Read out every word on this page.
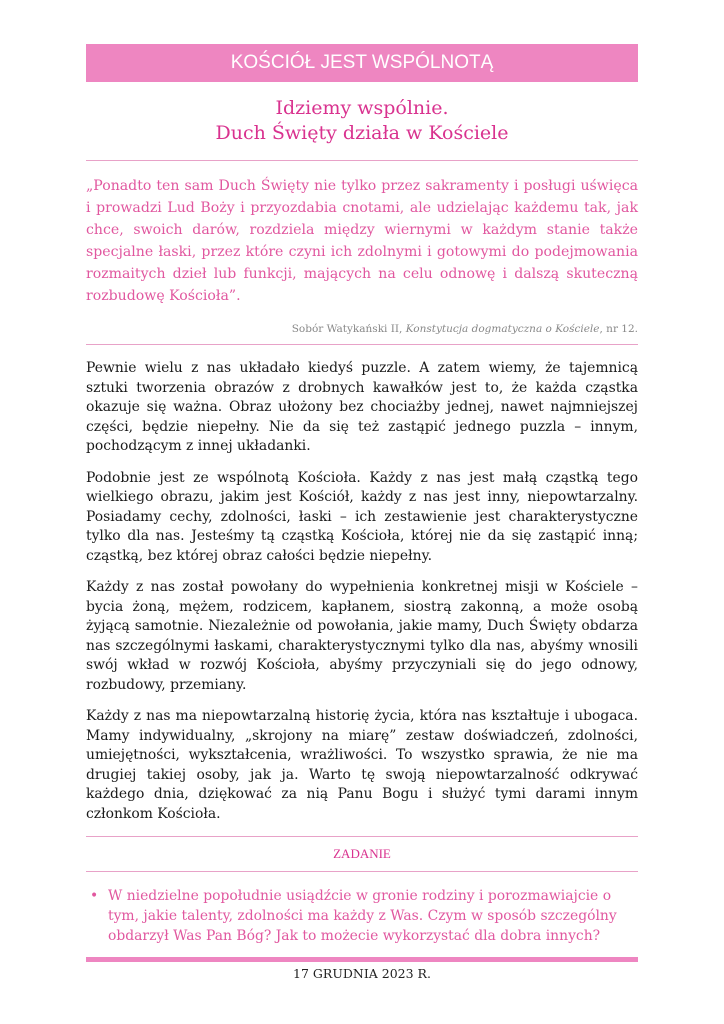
KOŚCIÓŁ JEST WSPÓLNOTĄ
Idziemy wspólnie.
Duch Święty działa w Kościele

„Ponadto ten sam Duch Święty nie tylko przez sakramenty i posługi uświęca i prowadzi Lud Boży i przyozdabia cnotami, ale udzielając każdemu tak, jak chce, swoich darów, rozdziela między wiernymi w każdym stanie także specjalne łaski, przez które czyni ich zdolnymi i gotowymi do podejmowania rozmaitych dzieł lub funkcji, mających na celu odnowę i dalszą skuteczną rozbudowę Kościoła”.

Sobór Watykański II, Konstytucja dogmatyczna o Kościele, nr 12.

Pewnie wielu z nas układało kiedyś puzzle. A zatem wiemy, że tajemnicą sztuki tworzenia obrazów z drobnych kawałków jest to, że każda cząstka okazuje się ważna. Obraz ułożony bez chociażby jednej, nawet najmniejszej części, będzie niepełny. Nie da się też zastąpić jednego puzzla – innym, pochodzącym z innej układanki.

Podobnie jest ze wspólnotą Kościoła. Każdy z nas jest małą cząstką tego wielkiego obrazu, jakim jest Kościół, każdy z nas jest inny, niepowtarzalny. Posiadamy cechy, zdolności, łaski – ich zestawienie jest charakterystyczne tylko dla nas. Jesteśmy tą cząstką Kościoła, której nie da się zastąpić inną; cząstką, bez której obraz całości będzie niepełny.

Każdy z nas został powołany do wypełnienia konkretnej misji w Kościele – bycia żoną, mężem, rodzicem, kapłanem, siostrą zakonną, a może osobą żyjącą samotnie. Niezależnie od powołania, jakie mamy, Duch Święty obdarza nas szczególnymi łaskami, charakterystycznymi tylko dla nas, abyśmy wnosili swój wkład w rozwój Kościoła, abyśmy przyczyniali się do jego odnowy, rozbudowy, przemiany.

Każdy z nas ma niepowtarzalną historię życia, która nas kształtuje i ubogaca. Mamy indywidualny, „skrojony na miarę” zestaw doświadczeń, zdolności, umiejętności, wykształcenia, wrażliwości. To wszystko sprawia, że nie ma drugiej takiej osoby, jak ja. Warto tę swoją niepowtarzalność odkrywać każdego dnia, dziękować za nią Panu Bogu i służyć tymi darami innym członkom Kościoła.

ZADANIE
• W niedzielne popołudnie usiądźcie w gronie rodziny i porozmawiajcie o tym, jakie talenty, zdolności ma każdy z Was. Czym w sposób szczególny obdarzył Was Pan Bóg? Jak to możecie wykorzystać dla dobra innych?
17 GRUDNIA 2023 R.
